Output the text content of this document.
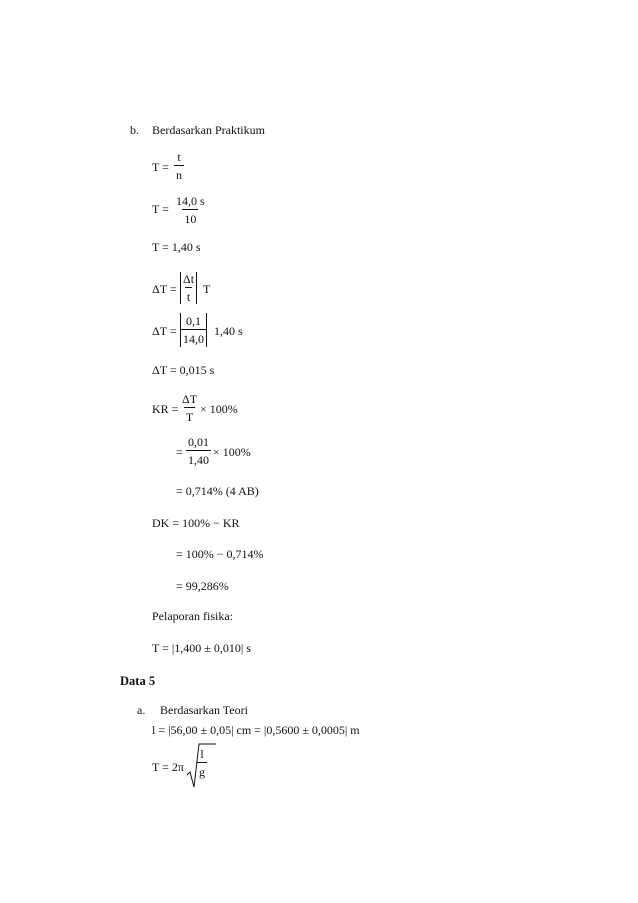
b. Berdasarkan Praktikum
$T = \frac{t}{n}$
$T = \frac{14,0 s}{10}$
T = 1,40 s
$\Delta T = \frac{\Delta t}{t}$ T
$\Delta T = \frac{0,1}{14,0} 1,40$ s
ΔT = 0,015 s
KR = $\frac{\Delta T}{T} \times 100\%$
= $\frac{0,01}{1,40} \times 100\%$
= 0,714% (4 AB)
DK = 100% − KR
= 100% − 0,714%
= 99,286%
Pelaporan fisika:
T = |1,400 ± 0,010| s
Data 5
a. Berdasarkan Teori
l = |56,00 ± 0,05| cm = |0,5600 ± 0,0005| m
$T = 2\pi \frac{l}{g}$
